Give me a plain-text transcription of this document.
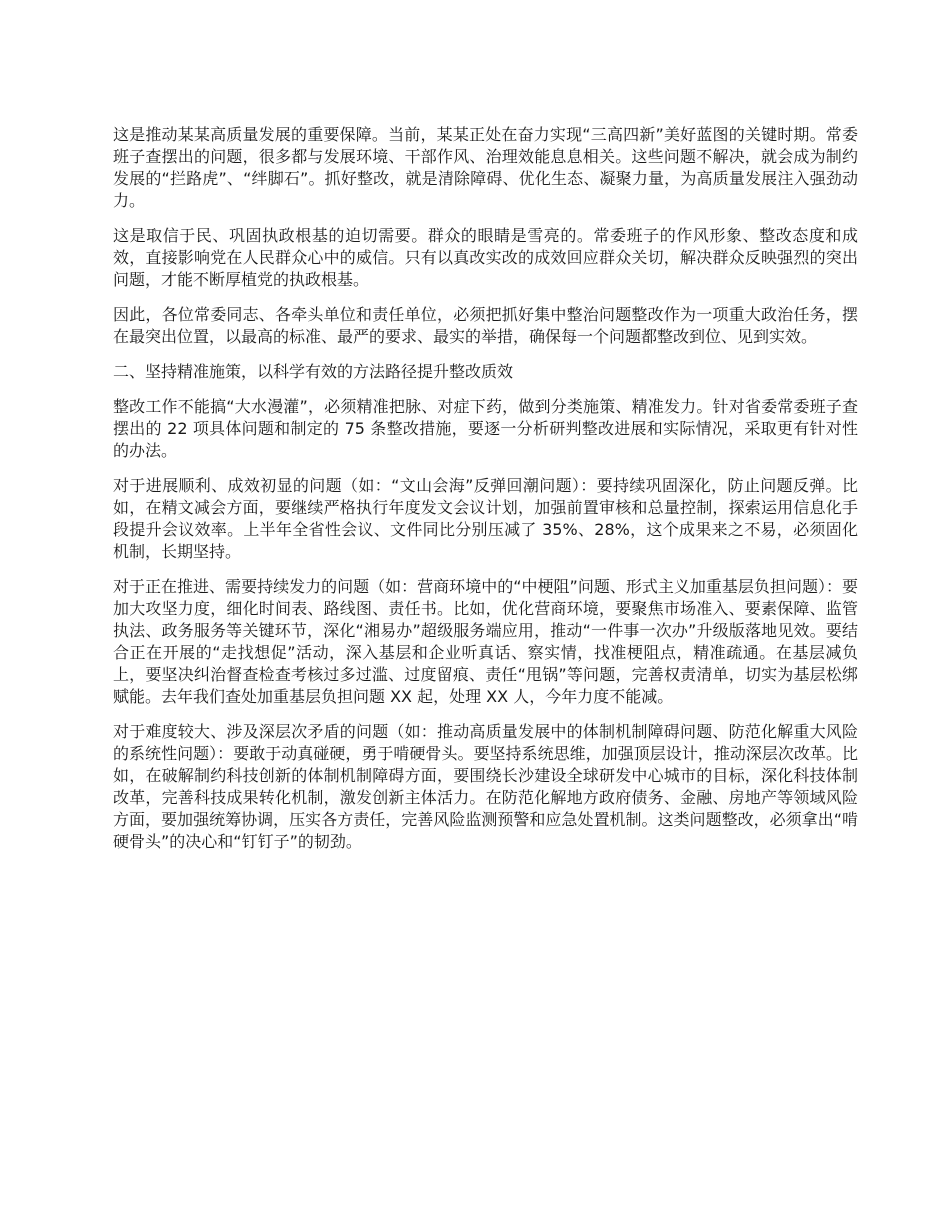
这是推动某某高质量发展的重要保障。当前，某某正处在奋力实现“三高四新”美好蓝图的关键时期。常委班子查摆出的问题，很多都与发展环境、干部作风、治理效能息息相关。这些问题不解决，就会成为制约发展的“拦路虎”、“绊脚石”。抓好整改，就是清除障碍、优化生态、凝聚力量，为高质量发展注入强劲动力。

这是取信于民、巩固执政根基的迫切需要。群众的眼睛是雪亮的。常委班子的作风形象、整改态度和成效，直接影响党在人民群众心中的威信。只有以真改实改的成效回应群众关切，解决群众反映强烈的突出问题，才能不断厚植党的执政根基。

因此，各位常委同志、各牵头单位和责任单位，必须把抓好集中整治问题整改作为一项重大政治任务，摆在最突出位置，以最高的标准、最严的要求、最实的举措，确保每一个问题都整改到位、见到实效。

二、坚持精准施策，以科学有效的方法路径提升整改质效

整改工作不能搞“大水漫灌”，必须精准把脉、对症下药，做到分类施策、精准发力。针对省委常委班子查摆出的 22 项具体问题和制定的 75 条整改措施，要逐一分析研判整改进展和实际情况，采取更有针对性的办法。

对于进展顺利、成效初显的问题（如：“文山会海”反弹回潮问题）：要持续巩固深化，防止问题反弹。比如，在精文减会方面，要继续严格执行年度发文会议计划，加强前置审核和总量控制，探索运用信息化手段提升会议效率。上半年全省性会议、文件同比分别压减了 35%、28%，这个成果来之不易，必须固化机制，长期坚持。

对于正在推进、需要持续发力的问题（如：营商环境中的“中梗阻”问题、形式主义加重基层负担问题）：要加大攻坚力度，细化时间表、路线图、责任书。比如，优化营商环境，要聚焦市场准入、要素保障、监管执法、政务服务等关键环节，深化“湘易办”超级服务端应用，推动“一件事一次办”升级版落地见效。要结合正在开展的“走找想促”活动，深入基层和企业听真话、察实情，找准梗阻点，精准疏通。在基层减负上，要坚决纠治督查检查考核过多过滥、过度留痕、责任“甩锅”等问题，完善权责清单，切实为基层松绑赋能。去年我们查处加重基层负担问题 XX 起，处理 XX 人，今年力度不能减。

对于难度较大、涉及深层次矛盾的问题（如：推动高质量发展中的体制机制障碍问题、防范化解重大风险的系统性问题）：要敢于动真碰硬，勇于啃硬骨头。要坚持系统思维，加强顶层设计，推动深层次改革。比如，在破解制约科技创新的体制机制障碍方面，要围绕长沙建设全球研发中心城市的目标，深化科技体制改革，完善科技成果转化机制，激发创新主体活力。在防范化解地方政府债务、金融、房地产等领域风险方面，要加强统筹协调，压实各方责任，完善风险监测预警和应急处置机制。这类问题整改，必须拿出“啃硬骨头”的决心和“钉钉子”的韧劲。
